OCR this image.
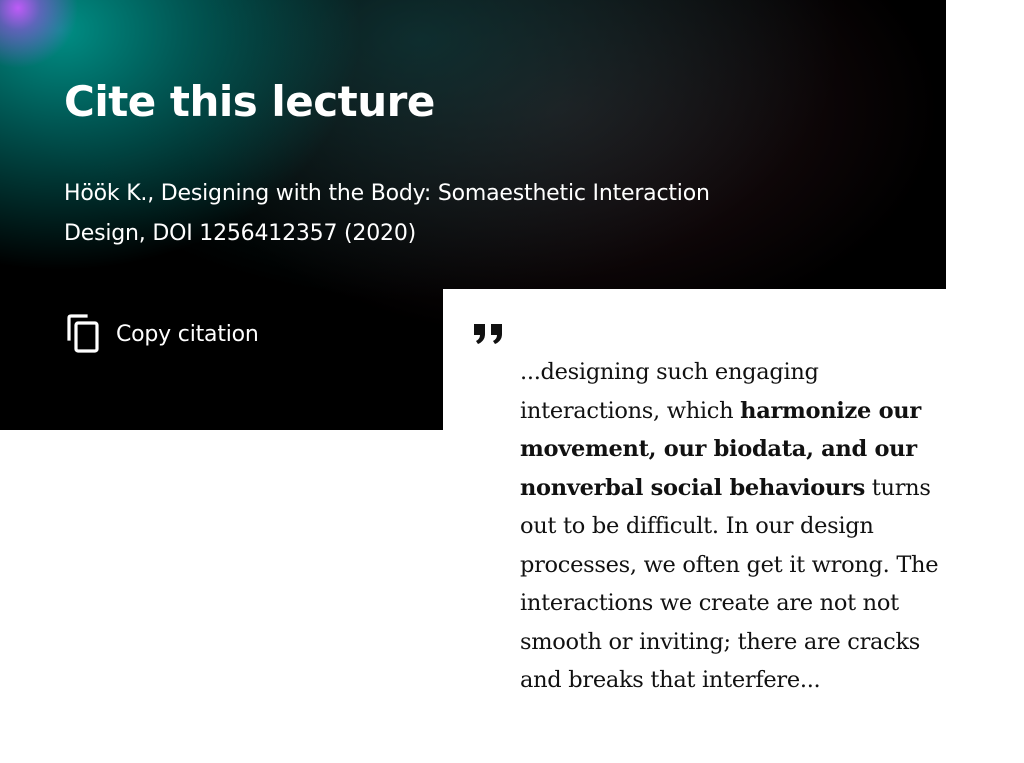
Cite this lecture

Höök K., Designing with the Body: Somaesthetic Interaction Design, DOI 1256412357 (2020)

Copy citation

...designing such engaging interactions, which harmonize our movement, our biodata, and our nonverbal social behaviours turns out to be difficult. In our design processes, we often get it wrong. The interactions we create are not not smooth or inviting; there are cracks and breaks that interfere...
